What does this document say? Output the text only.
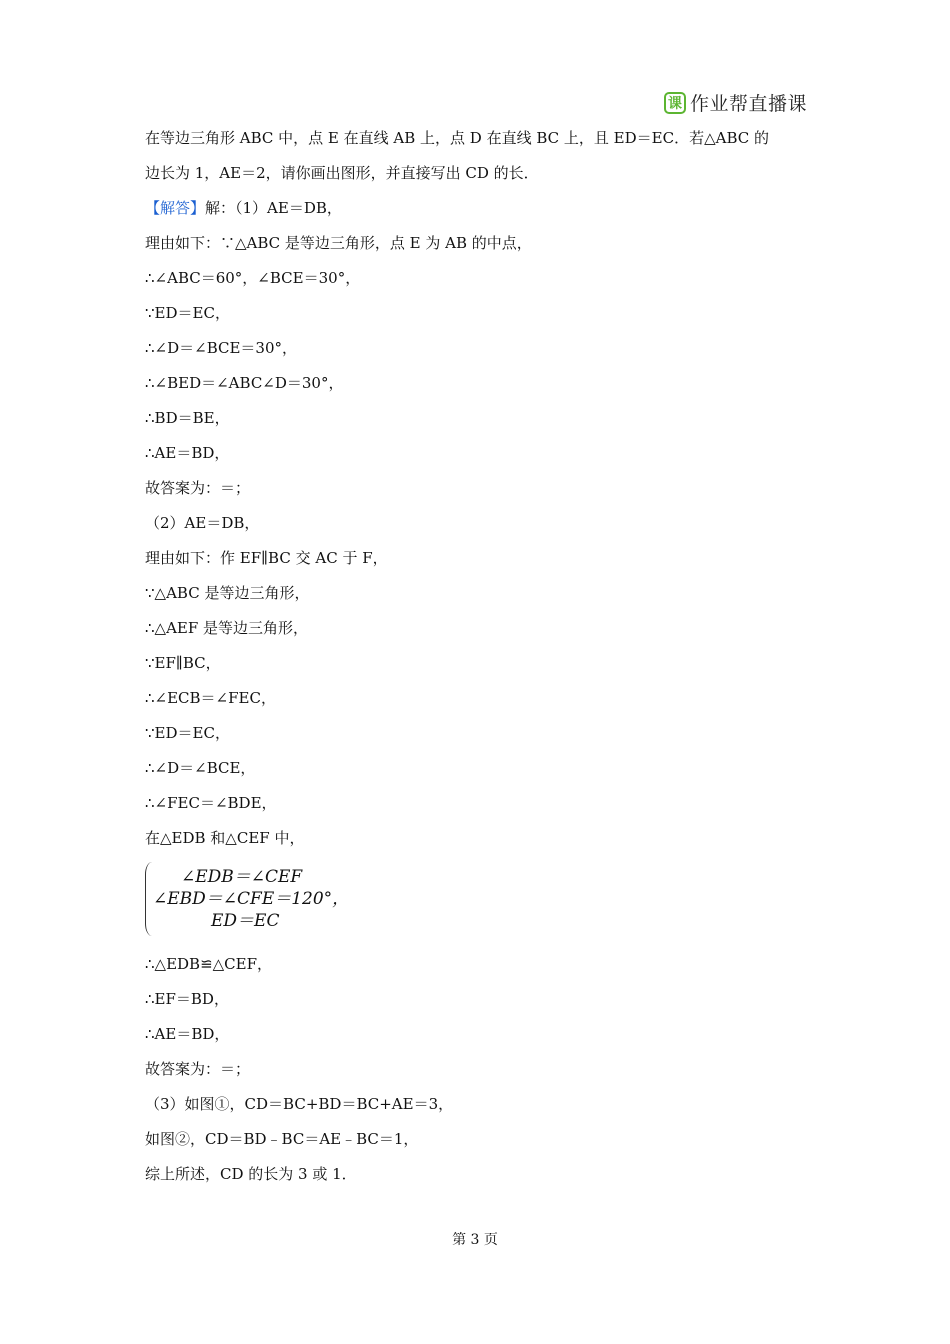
课 作业帮直播课
在等边三角形 ABC 中，点 E 在直线 AB 上，点 D 在直线 BC 上，且 ED＝EC．若△ABC 的
边长为 1，AE＝2，请你画出图形，并直接写出 CD 的长．
【解答】解：（1）AE＝DB，
理由如下：∵△ABC 是等边三角形，点 E 为 AB 的中点，
∴∠ABC＝60°，∠BCE＝30°，
∵ED＝EC，
∴∠D＝∠BCE＝30°，
∴∠BED＝∠ABC∠D＝30°，
∴BD＝BE，
∴AE＝BD，
故答案为：＝；
（2）AE＝DB，
理由如下：作 EF∥BC 交 AC 于 F，
∵△ABC 是等边三角形，
∴△AEF 是等边三角形，
∵EF∥BC，
∴∠ECB＝∠FEC，
∵ED＝EC，
∴∠D＝∠BCE，
∴∠FEC＝∠BDE，
在△EDB 和△CEF 中，
∠EDB＝∠CEF
∠EBD＝∠CFE＝120°，
ED＝EC
∴△EDB≌△CEF，
∴EF＝BD，
∴AE＝BD，
故答案为：＝；
（3）如图①，CD＝BC+BD＝BC+AE＝3，
如图②，CD＝BD﹣BC＝AE﹣BC＝1，
综上所述，CD 的长为 3 或 1．
第 3 页
